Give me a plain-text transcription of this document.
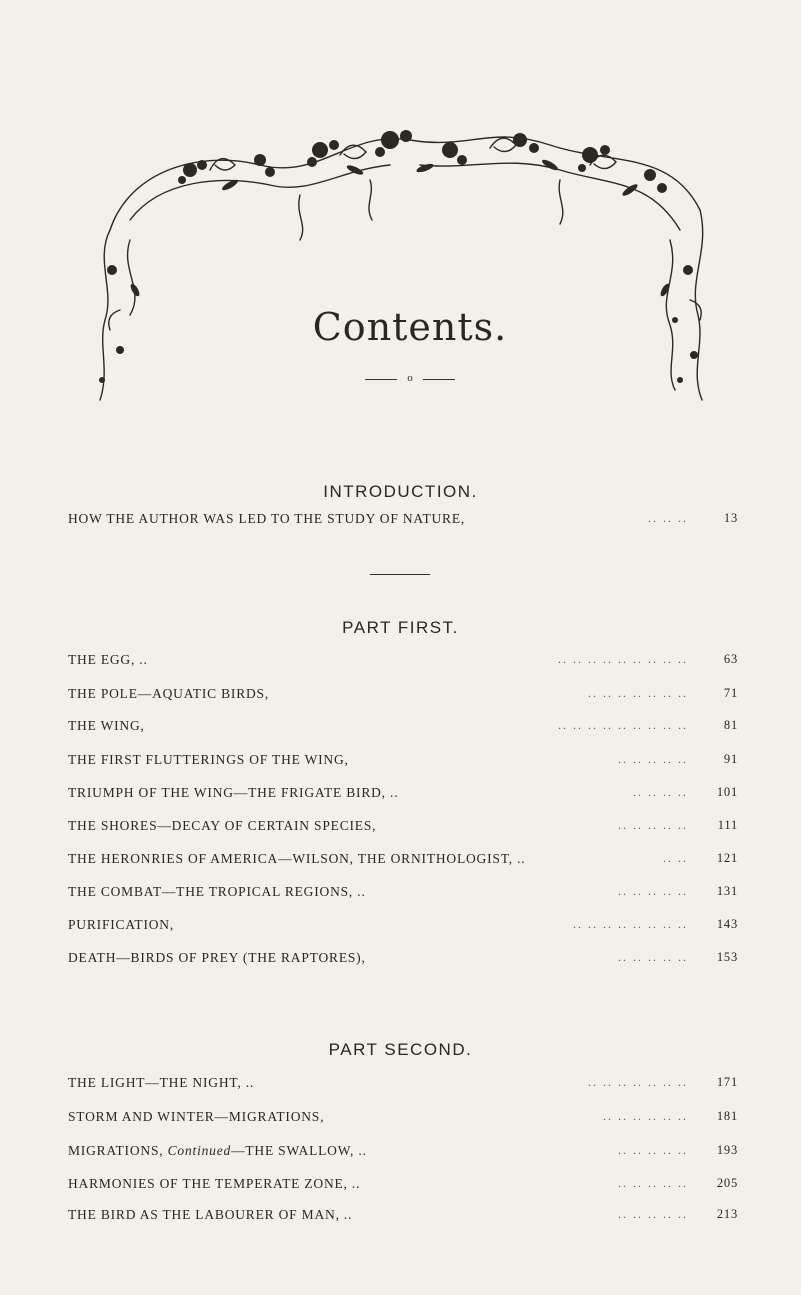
Contents.
o
INTRODUCTION.
HOW THE AUTHOR WAS LED TO THE STUDY OF NATURE,	.. .. ..	13
PART FIRST.
THE EGG, ..	.. .. .. .. .. .. .. .. ..	63
THE POLE—AQUATIC BIRDS,	.. .. .. .. .. .. ..	71
THE WING,	.. .. .. .. .. .. .. .. ..	81
THE FIRST FLUTTERINGS OF THE WING,	.. .. .. .. ..	91
TRIUMPH OF THE WING—THE FRIGATE BIRD, ..	.. .. .. .. 101
THE SHORES—DECAY OF CERTAIN SPECIES,	.. .. .. .. .. 111
THE HERONRIES OF AMERICA—WILSON, THE ORNITHOLOGIST, ..	.. .. 121
THE COMBAT—THE TROPICAL REGIONS, ..	.. .. .. .. .. 131
PURIFICATION,	.. .. .. .. .. .. .. .. 143
DEATH—BIRDS OF PREY (THE RAPTORES),	.. .. .. .. .. 153
PART SECOND.
THE LIGHT—THE NIGHT, ..	.. .. .. .. .. .. .. 171
STORM AND WINTER—MIGRATIONS,	.. .. .. .. .. .. 181
MIGRATIONS, Continued—THE SWALLOW, ..	.. .. .. .. .. 193
HARMONIES OF THE TEMPERATE ZONE, ..	.. .. .. .. .. 205
THE BIRD AS THE LABOURER OF MAN, ..	.. .. .. .. .. 213
